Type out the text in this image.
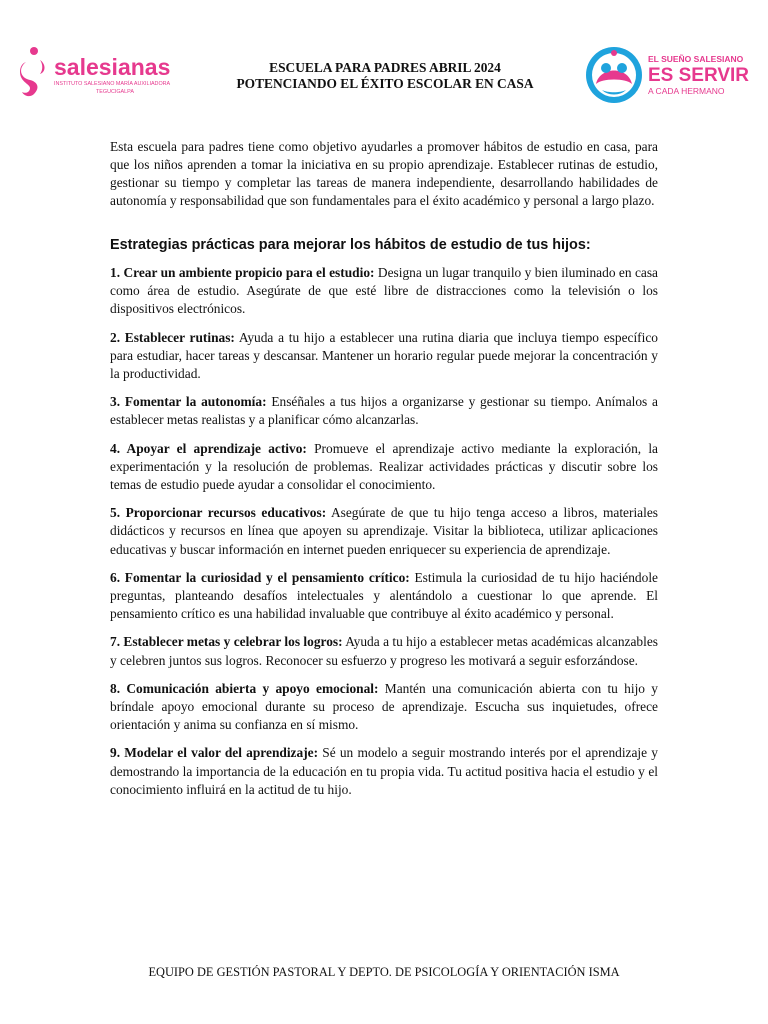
salesianas
INSTITUTO SALESIANO MARÍA AUXILIADORA
TEGUCIGALPA
ESCUELA PARA PADRES ABRIL 2024
POTENCIANDO EL ÉXITO ESCOLAR EN CASA
EL SUEÑO SALESIANO
ES SERVIR
A CADA HERMANO

Esta escuela para padres tiene como objetivo ayudarles a promover hábitos de estudio en casa, para que los niños aprenden a tomar la iniciativa en su propio aprendizaje. Establecer rutinas de estudio, gestionar su tiempo y completar las tareas de manera independiente, desarrollando habilidades de autonomía y responsabilidad que son fundamentales para el éxito académico y personal a largo plazo.

Estrategias prácticas para mejorar los hábitos de estudio de tus hijos:

1. Crear un ambiente propicio para el estudio: Designa un lugar tranquilo y bien iluminado en casa como área de estudio. Asegúrate de que esté libre de distracciones como la televisión o los dispositivos electrónicos.

2. Establecer rutinas: Ayuda a tu hijo a establecer una rutina diaria que incluya tiempo específico para estudiar, hacer tareas y descansar. Mantener un horario regular puede mejorar la concentración y la productividad.

3. Fomentar la autonomía: Enséñales a tus hijos a organizarse y gestionar su tiempo. Anímalos a establecer metas realistas y a planificar cómo alcanzarlas.

4. Apoyar el aprendizaje activo: Promueve el aprendizaje activo mediante la exploración, la experimentación y la resolución de problemas. Realizar actividades prácticas y discutir sobre los temas de estudio puede ayudar a consolidar el conocimiento.

5. Proporcionar recursos educativos: Asegúrate de que tu hijo tenga acceso a libros, materiales didácticos y recursos en línea que apoyen su aprendizaje. Visitar la biblioteca, utilizar aplicaciones educativas y buscar información en internet pueden enriquecer su experiencia de aprendizaje.

6. Fomentar la curiosidad y el pensamiento crítico: Estimula la curiosidad de tu hijo haciéndole preguntas, planteando desafíos intelectuales y alentándolo a cuestionar lo que aprende. El pensamiento crítico es una habilidad invaluable que contribuye al éxito académico y personal.

7. Establecer metas y celebrar los logros: Ayuda a tu hijo a establecer metas académicas alcanzables y celebren juntos sus logros. Reconocer su esfuerzo y progreso les motivará a seguir esforzándose.

8. Comunicación abierta y apoyo emocional: Mantén una comunicación abierta con tu hijo y bríndale apoyo emocional durante su proceso de aprendizaje. Escucha sus inquietudes, ofrece orientación y anima su confianza en sí mismo.

9. Modelar el valor del aprendizaje: Sé un modelo a seguir mostrando interés por el aprendizaje y demostrando la importancia de la educación en tu propia vida. Tu actitud positiva hacia el estudio y el conocimiento influirá en la actitud de tu hijo.

EQUIPO DE GESTIÓN PASTORAL Y DEPTO. DE PSICOLOGÍA Y ORIENTACIÓN ISMA
